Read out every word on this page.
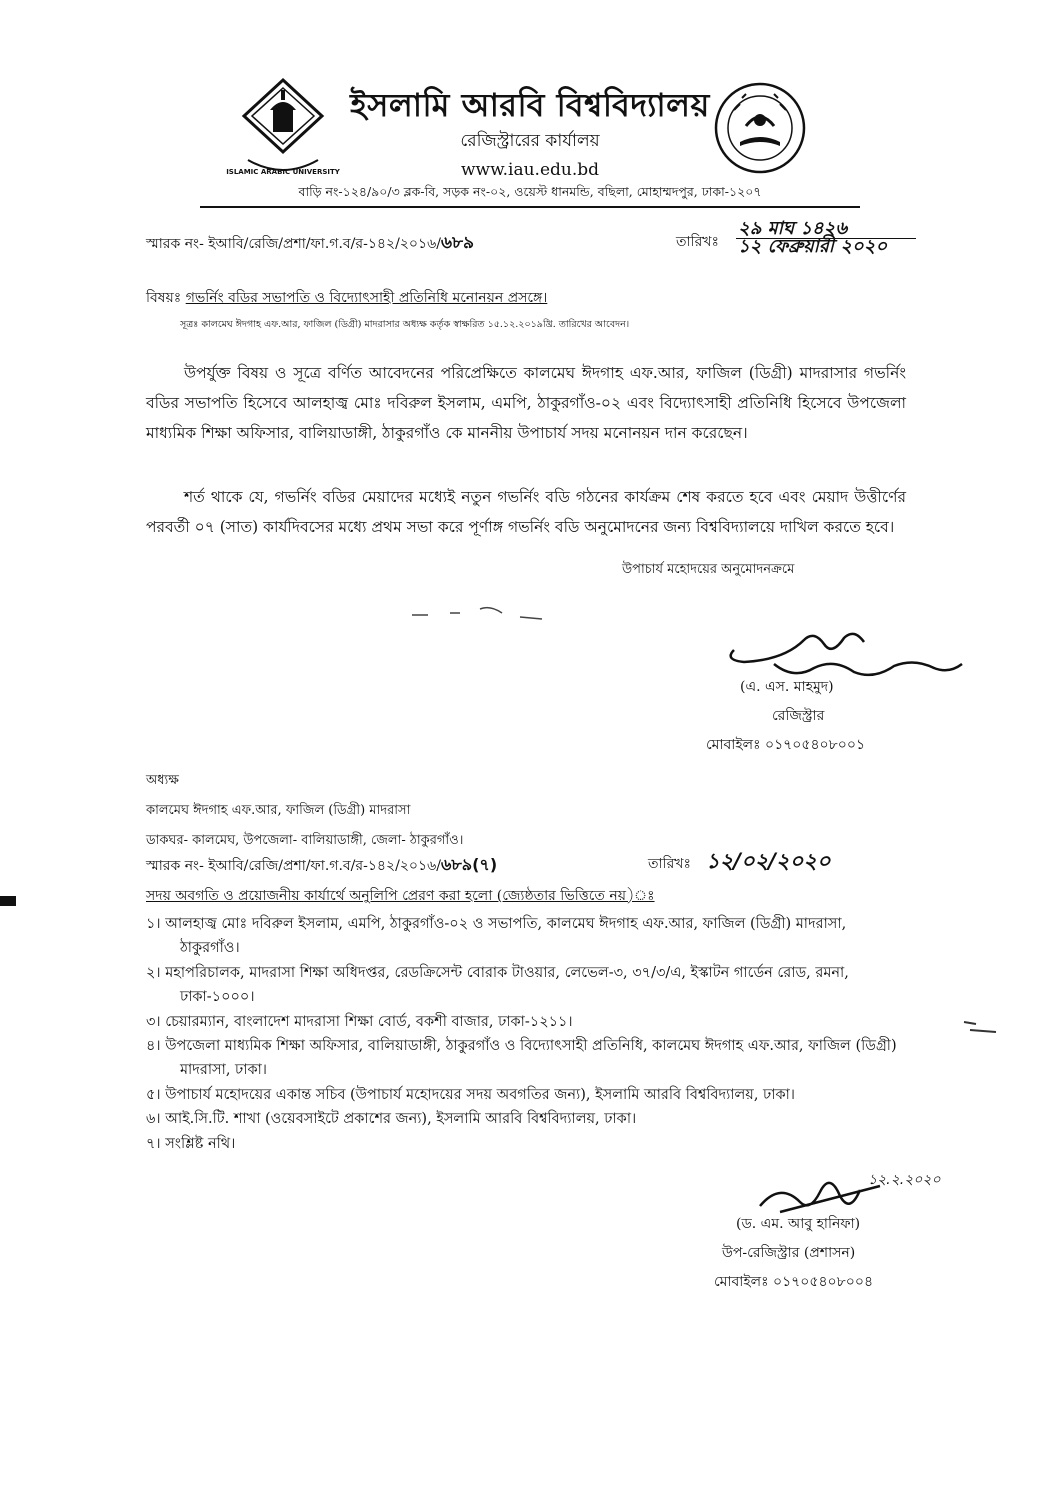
ISLAMIC ARABIC UNIVERSITY
ইসলামি আরবি বিশ্ববিদ্যালয়
রেজিস্ট্রারের কার্যালয়
www.iau.edu.bd
বাড়ি নং-১২৪/৯০/৩ ব্লক-বি, সড়ক নং-০২, ওয়েস্ট ধানমন্ডি, বছিলা, মোহাম্মদপুর, ঢাকা-১২০৭
স্মারক নং- ইআবি/রেজি/প্রশা/ফা.গ.ব/র-১৪২/২০১৬/৬৮৯	তারিখঃ
২৯ মাঘ ১৪২৬
১২ ফেব্রুয়ারী ২০২০
বিষয়ঃ গভর্নিং বডির সভাপতি ও বিদ্যোৎসাহী প্রতিনিধি মনোনয়ন প্রসঙ্গে।
সূত্রঃ কালমেঘ ঈদগাহ এফ.আর, ফাজিল (ডিগ্রী) মাদরাসার অধ্যক্ষ কর্তৃক স্বাক্ষরিত ১৫.১২.২০১৯খ্রি. তারিখের আবেদন।
উপর্যুক্ত বিষয় ও সূত্রে বর্ণিত আবেদনের পরিপ্রেক্ষিতে কালমেঘ ঈদগাহ এফ.আর, ফাজিল (ডিগ্রী) মাদরাসার গভর্নিং বডির সভাপতি হিসেবে আলহাজ্ব মোঃ দবিরুল ইসলাম, এমপি, ঠাকুরগাঁও-০২ এবং বিদ্যোৎসাহী প্রতিনিধি হিসেবে উপজেলা মাধ্যমিক শিক্ষা অফিসার, বালিয়াডাঙ্গী, ঠাকুরগাঁও কে মাননীয় উপাচার্য সদয় মনোনয়ন দান করেছেন।
শর্ত থাকে যে, গভর্নিং বডির মেয়াদের মধ্যেই নতুন গভর্নিং বডি গঠনের কার্যক্রম শেষ করতে হবে এবং মেয়াদ উত্তীর্ণের পরবর্তী ০৭ (সাত) কার্যদিবসের মধ্যে প্রথম সভা করে পূর্ণাঙ্গ গভর্নিং বডি অনুমোদনের জন্য বিশ্ববিদ্যালয়ে দাখিল করতে হবে।
উপাচার্য মহোদয়ের অনুমোদনক্রমে
(এ. এস. মাহমুদ)
রেজিস্ট্রার
মোবাইলঃ ০১৭০৫৪০৮০০১
অধ্যক্ষ
কালমেঘ ঈদগাহ এফ.আর, ফাজিল (ডিগ্রী) মাদরাসা
ডাকঘর- কালমেঘ, উপজেলা- বালিয়াডাঙ্গী, জেলা- ঠাকুরগাঁও।
স্মারক নং- ইআবি/রেজি/প্রশা/ফা.গ.ব/র-১৪২/২০১৬/৬৮৯(৭)	তারিখঃ ১২/০২/২০২০
সদয় অবগতি ও প্রয়োজনীয় কার্যার্থে অনুলিপি প্রেরণ করা হলো (জ্যেষ্ঠতার ভিত্তিতে নয়)ঃ
১। আলহাজ্ব মোঃ দবিরুল ইসলাম, এমপি, ঠাকুরগাঁও-০২ ও সভাপতি, কালমেঘ ঈদগাহ এফ.আর, ফাজিল (ডিগ্রী) মাদরাসা, ঠাকুরগাঁও।
২। মহাপরিচালক, মাদরাসা শিক্ষা অধিদপ্তর, রেডক্রিসেন্ট বোরাক টাওয়ার, লেভেল-৩, ৩৭/৩/এ, ইস্কাটন গার্ডেন রোড, রমনা, ঢাকা-১০০০।
৩। চেয়ারম্যান, বাংলাদেশ মাদরাসা শিক্ষা বোর্ড, বকশী বাজার, ঢাকা-১২১১।
৪। উপজেলা মাধ্যমিক শিক্ষা অফিসার, বালিয়াডাঙ্গী, ঠাকুরগাঁও ও বিদ্যোৎসাহী প্রতিনিধি, কালমেঘ ঈদগাহ এফ.আর, ফাজিল (ডিগ্রী) মাদরাসা, ঢাকা।
৫। উপাচার্য মহোদয়ের একান্ত সচিব (উপাচার্য মহোদয়ের সদয় অবগতির জন্য), ইসলামি আরবি বিশ্ববিদ্যালয়, ঢাকা।
৬। আই.সি.টি. শাখা (ওয়েবসাইটে প্রকাশের জন্য), ইসলামি আরবি বিশ্ববিদ্যালয়, ঢাকা।
৭। সংশ্লিষ্ট নথি।
১২.২.২০২০
(ড. এম. আবু হানিফা)
উপ-রেজিস্ট্রার (প্রশাসন)
মোবাইলঃ ০১৭০৫৪০৮০০৪
